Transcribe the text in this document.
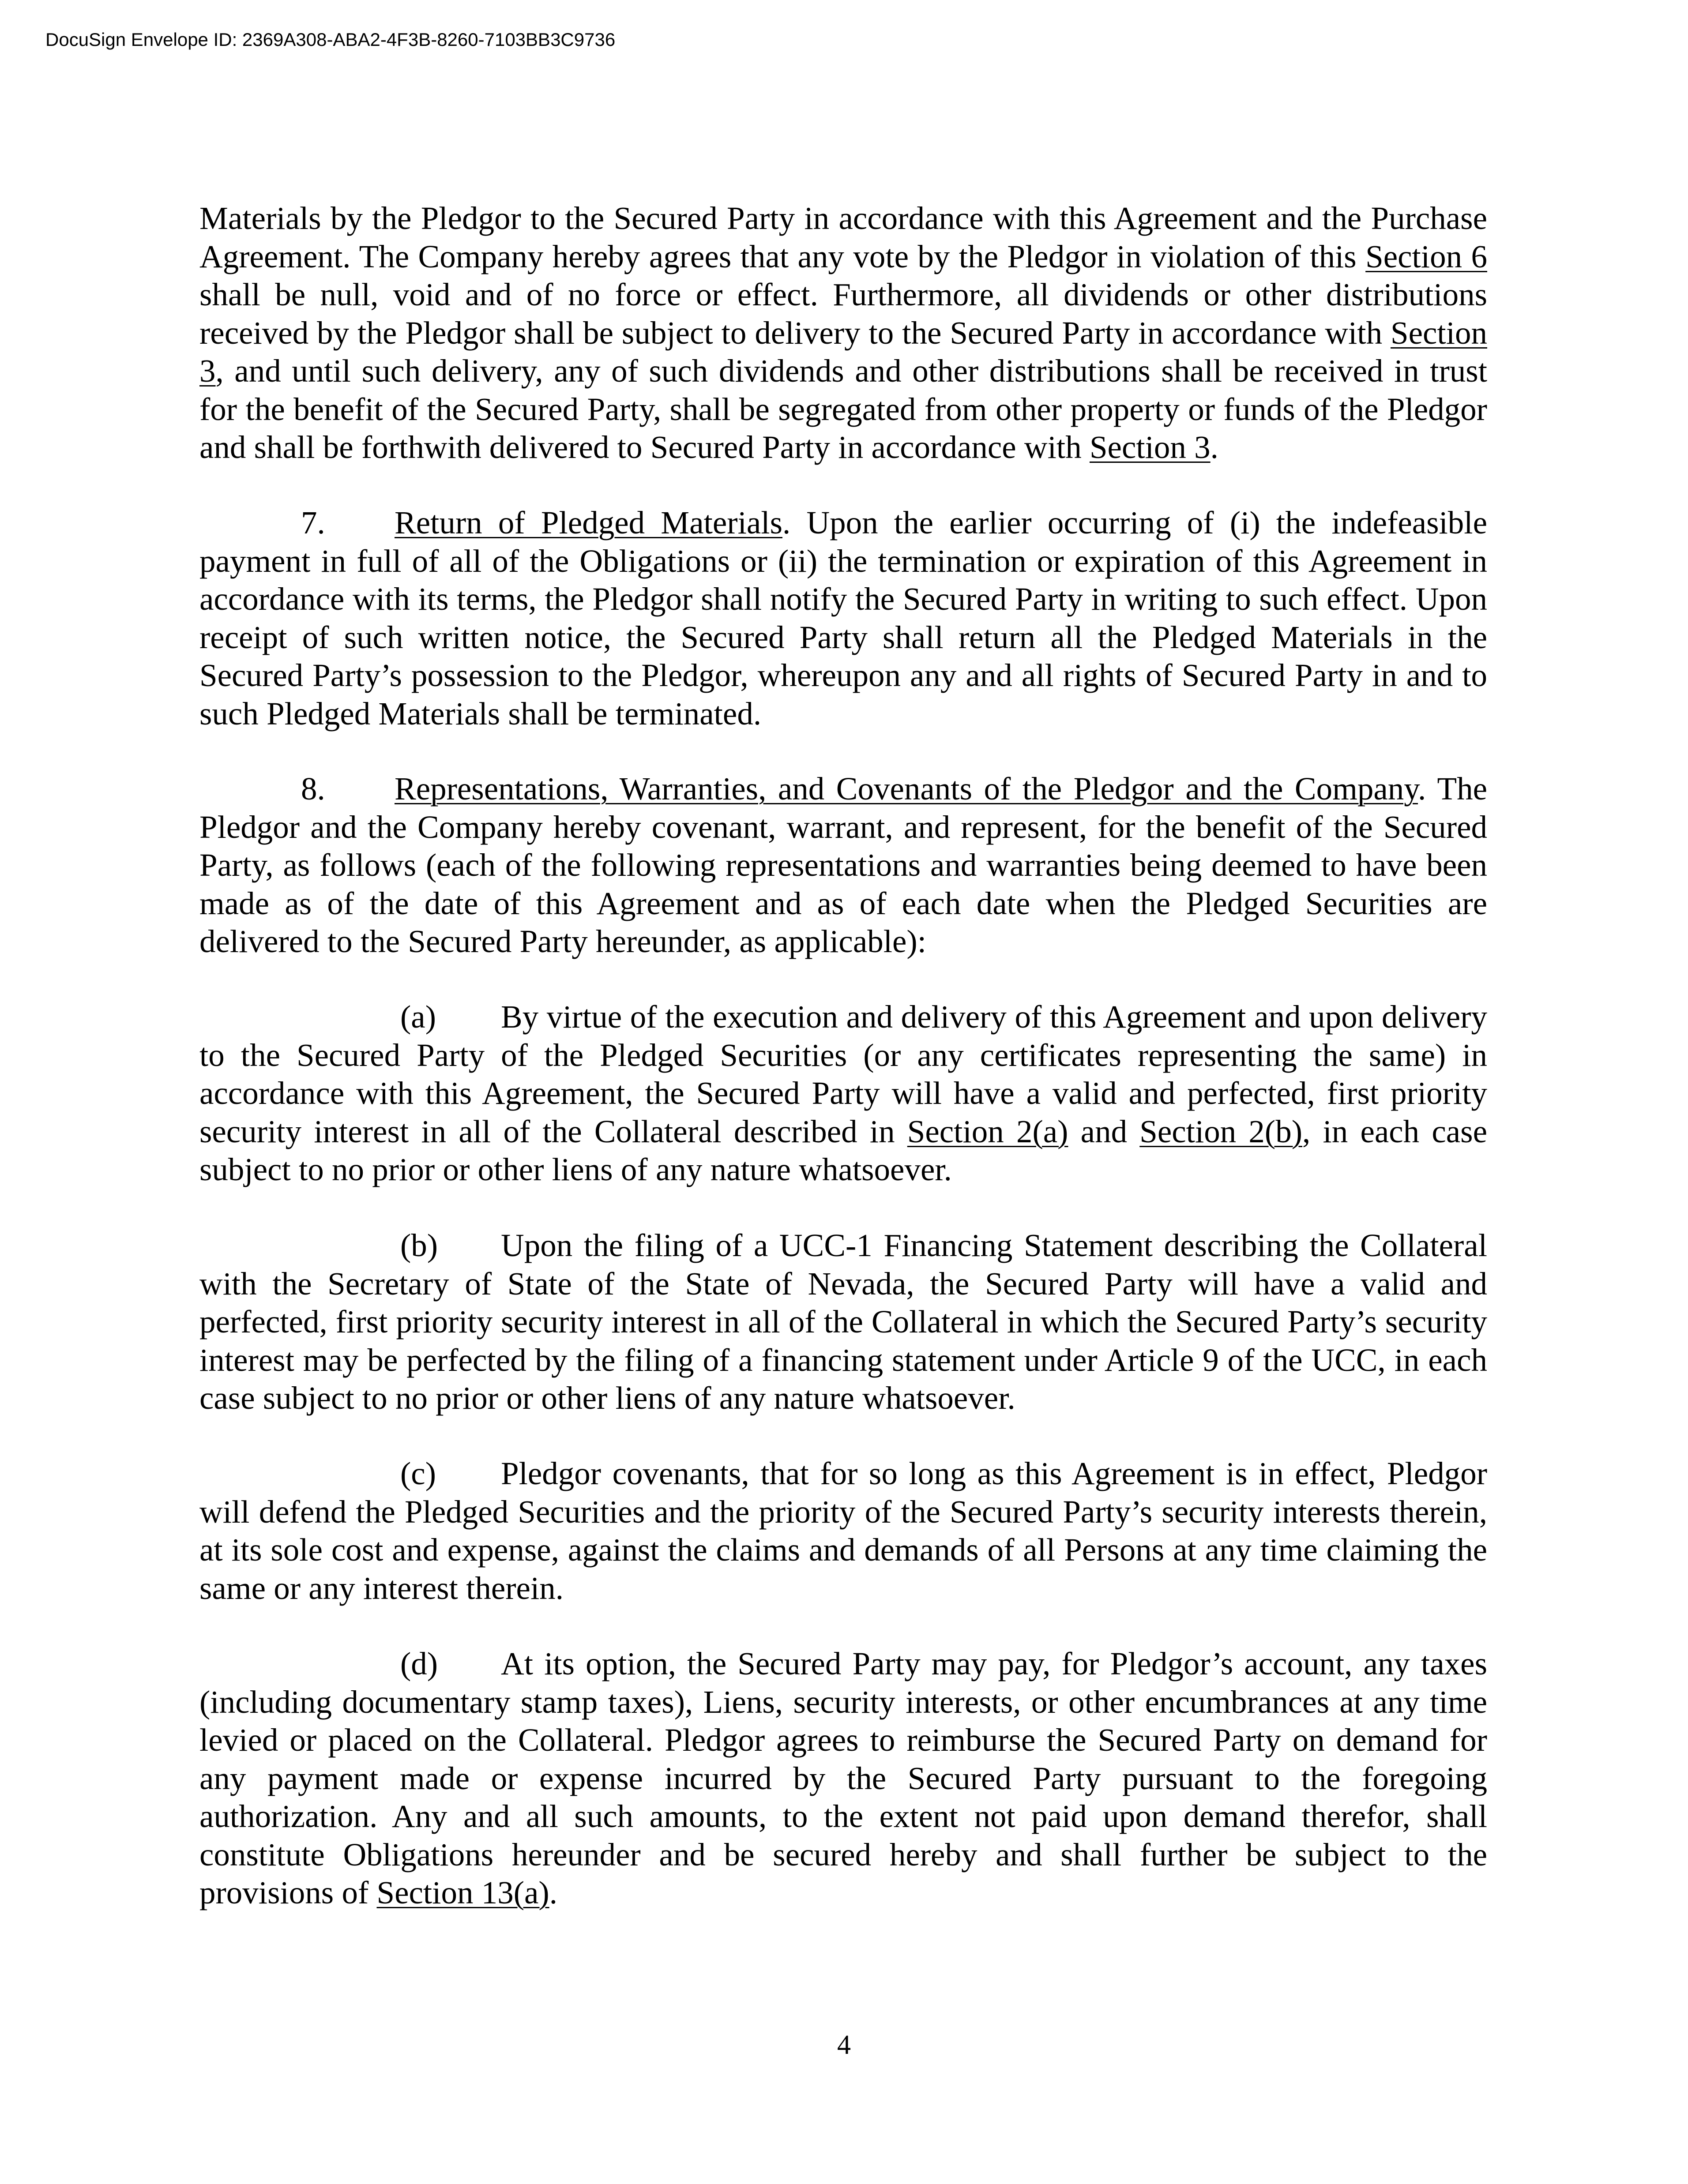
DocuSign Envelope ID: 2369A308-ABA2-4F3B-8260-7103BB3C9736

Materials by the Pledgor to the Secured Party in accordance with this Agreement and the Purchase Agreement. The Company hereby agrees that any vote by the Pledgor in violation of this Section 6 shall be null, void and of no force or effect. Furthermore, all dividends or other distributions received by the Pledgor shall be subject to delivery to the Secured Party in accordance with Section 3, and until such delivery, any of such dividends and other distributions shall be received in trust for the benefit of the Secured Party, shall be segregated from other property or funds of the Pledgor and shall be forthwith delivered to Secured Party in accordance with Section 3.

7. Return of Pledged Materials. Upon the earlier occurring of (i) the indefeasible payment in full of all of the Obligations or (ii) the termination or expiration of this Agreement in accordance with its terms, the Pledgor shall notify the Secured Party in writing to such effect. Upon receipt of such written notice, the Secured Party shall return all the Pledged Materials in the Secured Party’s possession to the Pledgor, whereupon any and all rights of Secured Party in and to such Pledged Materials shall be terminated.

8. Representations, Warranties, and Covenants of the Pledgor and the Company. The Pledgor and the Company hereby covenant, warrant, and represent, for the benefit of the Secured Party, as follows (each of the following representations and warranties being deemed to have been made as of the date of this Agreement and as of each date when the Pledged Securities are delivered to the Secured Party hereunder, as applicable):

(a) By virtue of the execution and delivery of this Agreement and upon delivery to the Secured Party of the Pledged Securities (or any certificates representing the same) in accordance with this Agreement, the Secured Party will have a valid and perfected, first priority security interest in all of the Collateral described in Section 2(a) and Section 2(b), in each case subject to no prior or other liens of any nature whatsoever.

(b) Upon the filing of a UCC-1 Financing Statement describing the Collateral with the Secretary of State of the State of Nevada, the Secured Party will have a valid and perfected, first priority security interest in all of the Collateral in which the Secured Party’s security interest may be perfected by the filing of a financing statement under Article 9 of the UCC, in each case subject to no prior or other liens of any nature whatsoever.

(c) Pledgor covenants, that for so long as this Agreement is in effect, Pledgor will defend the Pledged Securities and the priority of the Secured Party’s security interests therein, at its sole cost and expense, against the claims and demands of all Persons at any time claiming the same or any interest therein.

(d) At its option, the Secured Party may pay, for Pledgor’s account, any taxes (including documentary stamp taxes), Liens, security interests, or other encumbrances at any time levied or placed on the Collateral. Pledgor agrees to reimburse the Secured Party on demand for any payment made or expense incurred by the Secured Party pursuant to the foregoing authorization. Any and all such amounts, to the extent not paid upon demand therefor, shall constitute Obligations hereunder and be secured hereby and shall further be subject to the provisions of Section 13(a).

4
